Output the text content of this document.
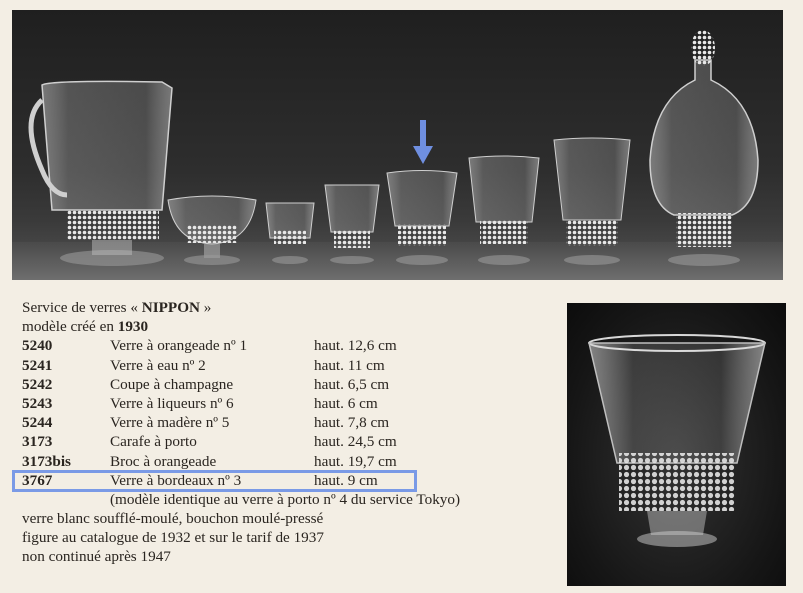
Service de verres « NIPPON »
modèle créé en 1930
5240	Verre à orangeade nº 1	haut. 12,6 cm
5241	Verre à eau nº 2	haut. 11 cm
5242	Coupe à champagne	haut. 6,5 cm
5243	Verre à liqueurs nº 6	haut. 6 cm
5244	Verre à madère nº 5	haut. 7,8 cm
3173	Carafe à porto	haut. 24,5 cm
3173bis	Broc à orangeade	haut. 19,7 cm
3767	Verre à bordeaux nº 3	haut. 9 cm
(modèle identique au verre à porto nº 4 du service Tokyo)
verre blanc soufflé-moulé, bouchon moulé-pressé
figure au catalogue de 1932 et sur le tarif de 1937
non continué après 1947
